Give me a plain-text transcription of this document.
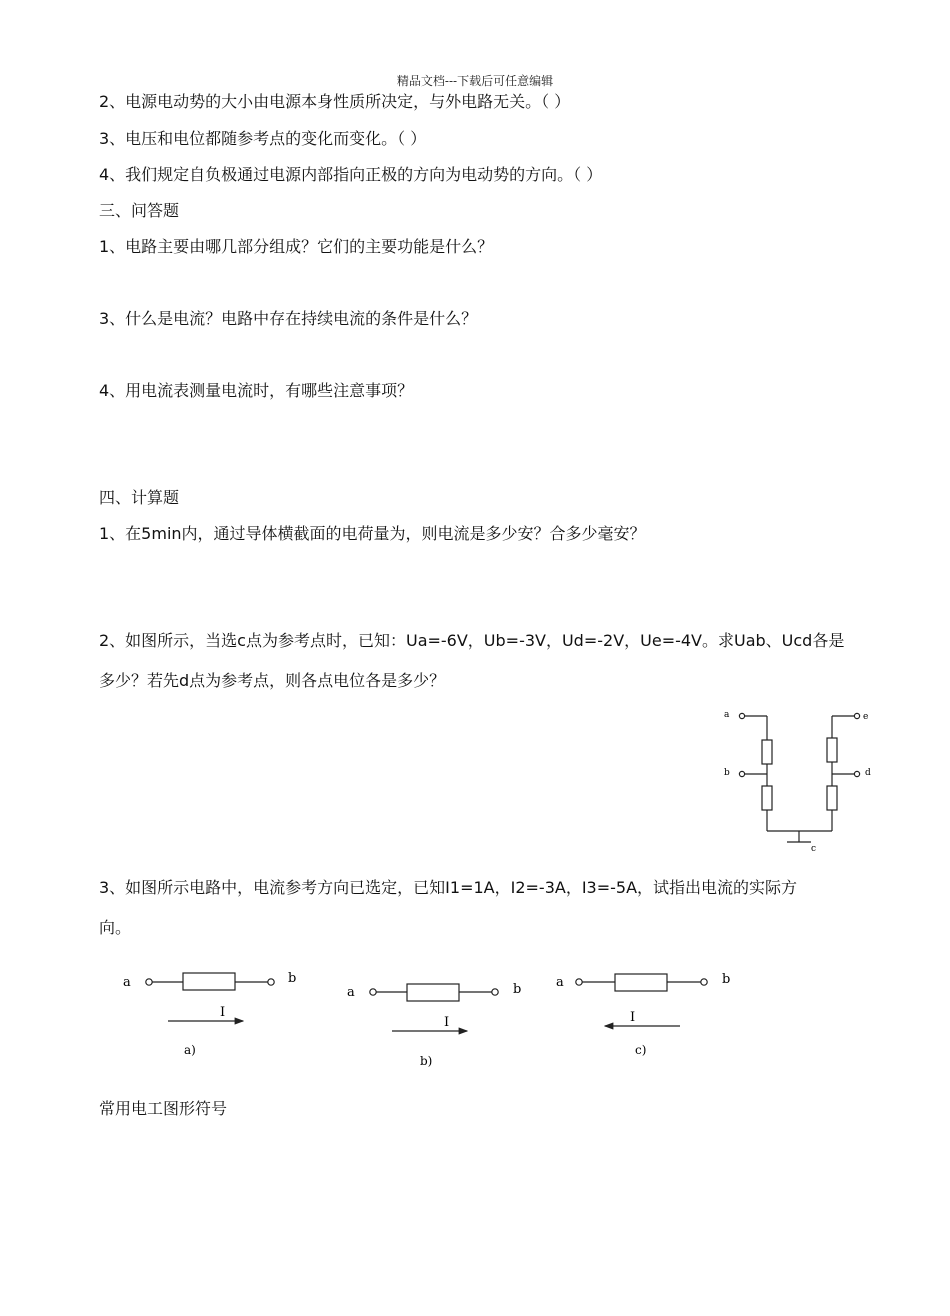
精品文档---下载后可任意编辑
2、电源电动势的大小由电源本身性质所决定，与外电路无关。（ ）
3、电压和电位都随参考点的变化而变化。（ ）
4、我们规定自负极通过电源内部指向正极的方向为电动势的方向。（ ）
三、问答题
1、电路主要由哪几部分组成？它们的主要功能是什么？
3、什么是电流？电路中存在持续电流的条件是什么？
4、用电流表测量电流时，有哪些注意事项？
四、计算题
1、在5min内，通过导体横截面的电荷量为，则电流是多少安？合多少毫安？
2、如图所示，当选c点为参考点时，已知：Ua=-6V，Ub=-3V，Ud=-2V，Ue=-4V。求Uab、Ucd各是
多少？若先d点为参考点，则各点电位各是多少？
3、如图所示电路中，电流参考方向已选定，已知I1=1A，I2=-3A，I3=-5A，试指出电流的实际方
向。
常用电工图形符号
a
b
c
d
e
a	b
I
a)
a	b
I
b)
a	b
I
c)
